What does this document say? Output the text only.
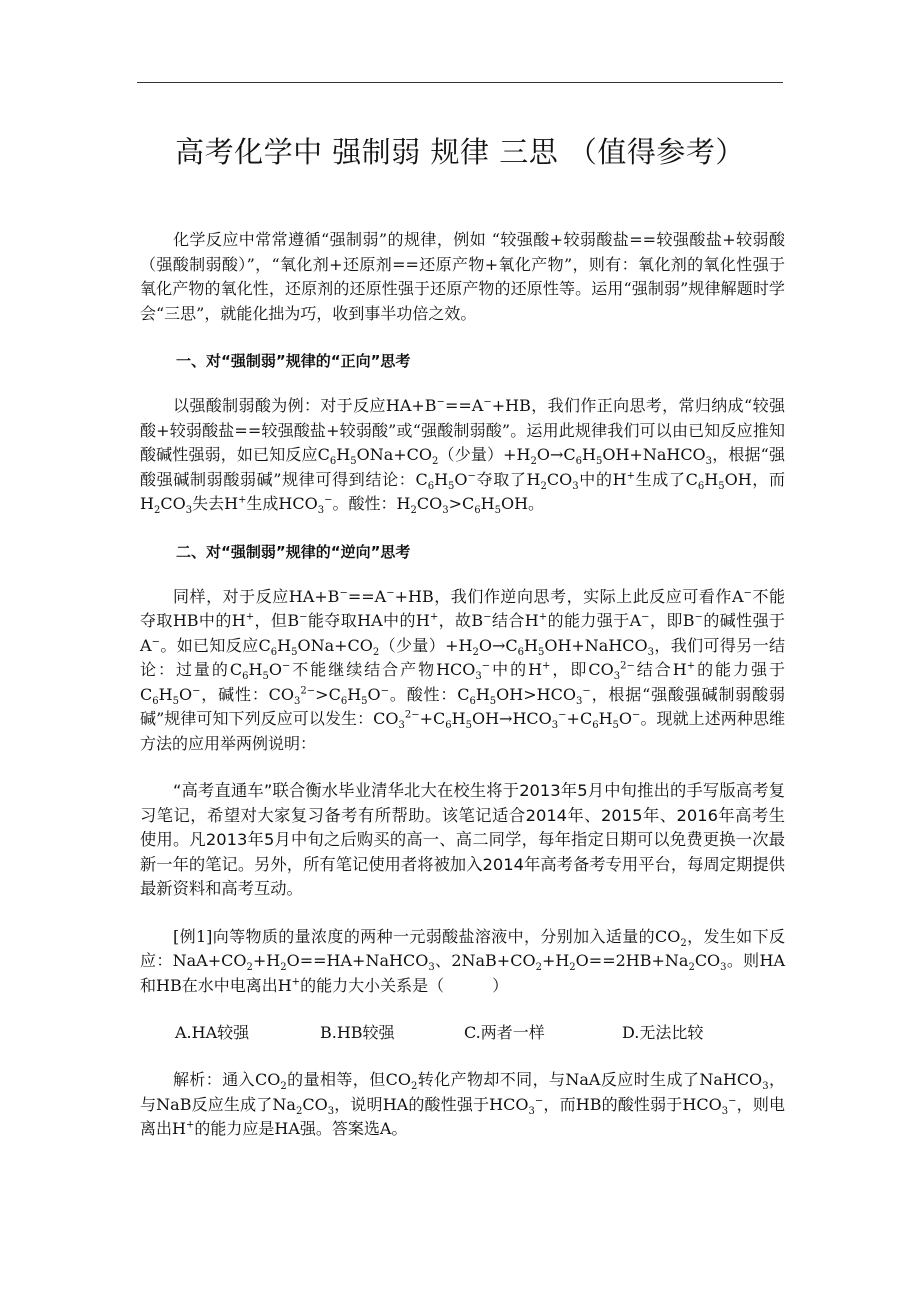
高考化学中 强制弱 规律 三思 （值得参考）

化学反应中常常遵循“强制弱”的规律，例如 “较强酸+较弱酸盐==较强酸盐+较弱酸（强酸制弱酸）”，“氧化剂+还原剂==还原产物+氧化产物”，则有：氧化剂的氧化性强于氧化产物的氧化性，还原剂的还原性强于还原产物的还原性等。运用“强制弱”规律解题时学会“三思”，就能化拙为巧，收到事半功倍之效。

一、对“强制弱”规律的“正向”思考

以强酸制弱酸为例：对于反应HA+B−==A−+HB，我们作正向思考，常归纳成“较强酸+较弱酸盐==较强酸盐+较弱酸”或“强酸制弱酸”。运用此规律我们可以由已知反应推知酸碱性强弱，如已知反应$C_6H_5ONa+CO_2$（少量）$+H_2O\to C_6H_5OH+NaHCO_3$，根据“强酸强碱制弱酸弱碱”规律可得到结论：$C_6H_5O^-$夺取了$H_2CO_3$中的H+生成了$C_6H_5OH$，而$H_2CO_3$失去H+生成$HCO_3^-$。酸性：$H_2CO_3>C_6H_5OH$。

二、对“强制弱”规律的“逆向”思考

同样，对于反应HA+B−==A−+HB，我们作逆向思考，实际上此反应可看作A−不能夺取HB中的H+，但B−能夺取HA中的H+，故B−结合H+的能力强于A−，即B−的碱性强于A−。如已知反应$C_6H_5ONa+CO_2$（少量）$+H_2O\to C_6H_5OH+NaHCO_3$，我们可得另一结论：过量的$C_6H_5O^-$不能继续结合产物$HCO_3^-$中的H+，即$CO_3^{2-}$结合H+的能力强于$C_6H_5O^-$，碱性：$CO_3^{2-}>C_6H_5O^-$。酸性：$C_6H_5OH>HCO_3^-$，根据“强酸强碱制弱酸弱碱”规律可知下列反应可以发生：$CO_3^{2-}+C_6H_5OH\to HCO_3^-+C_6H_5O^-$。现就上述两种思维方法的应用举两例说明：

“高考直通车”联合衡水毕业清华北大在校生将于2013年5月中旬推出的手写版高考复习笔记，希望对大家复习备考有所帮助。该笔记适合2014年、2015年、2016年高考生使用。凡2013年5月中旬之后购买的高一、高二同学，每年指定日期可以免费更换一次最新一年的笔记。另外，所有笔记使用者将被加入2014年高考备考专用平台，每周定期提供最新资料和高考互动。

[例1]向等物质的量浓度的两种一元弱酸盐溶液中，分别加入适量的$CO_2$，发生如下反应：$NaA+CO_2+H_2O==HA+NaHCO_3$、$2NaB+CO_2+H_2O==2HB+Na_2CO_3$。则HA和HB在水中电离出H+的能力大小关系是（　　　）

A.HA较强	B.HB较强	C.两者一样	D.无法比较

解析：通入$CO_2$的量相等，但$CO_2$转化产物却不同，与NaA反应时生成了NaHCO$_3$，与NaB反应生成了$Na_2CO_3$，说明HA的酸性强于$HCO_3^-$，而HB的酸性弱于$HCO_3^-$，则电离出H+的能力应是HA强。答案选A。
